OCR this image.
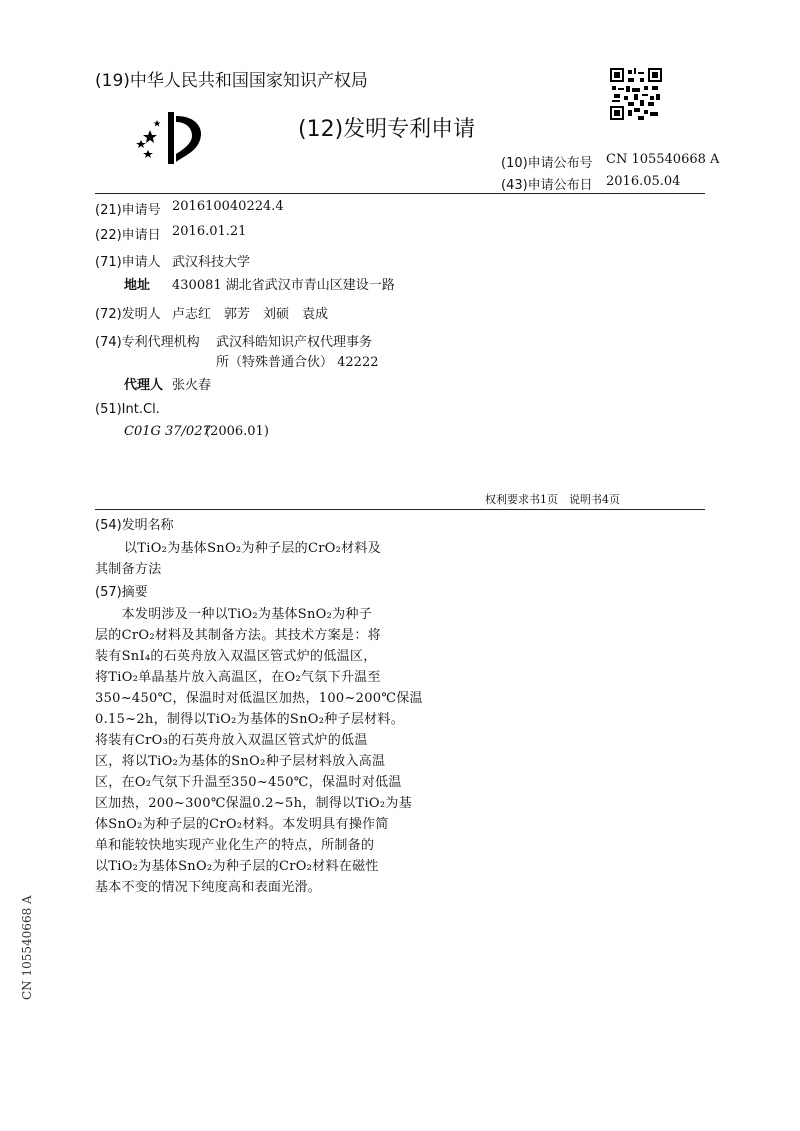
(19)中华人民共和国国家知识产权局
(12)发明专利申请
(10)申请公布号 CN 105540668 A
(43)申请公布日 2016.05.04
(21)申请号 201610040224.4
(22)申请日 2016.01.21
(71)申请人 武汉科技大学
地址 430081 湖北省武汉市青山区建设一路
(72)发明人 卢志红　郭芳　刘硕　袁成
(74)专利代理机构 武汉科皓知识产权代理事务
所（特殊普通合伙） 42222
代理人 张火春
(51)Int.Cl.
C01G 37/027
(2006.01)
权利要求书1页　说明书4页
(54)发明名称
以TiO₂为基体SnO₂为种子层的CrO₂材料及
其制备方法
(57)摘要
　　本发明涉及一种以TiO₂为基体SnO₂为种子
层的CrO₂材料及其制备方法。其技术方案是：将
装有SnI₄的石英舟放入双温区管式炉的低温区，
将TiO₂单晶基片放入高温区，在O₂气氛下升温至
350~450℃，保温时对低温区加热，100~200℃保温
0.15~2h，制得以TiO₂为基体的SnO₂种子层材料。
将装有CrO₃的石英舟放入双温区管式炉的低温
区，将以TiO₂为基体的SnO₂种子层材料放入高温
区，在O₂气氛下升温至350~450℃，保温时对低温
区加热，200~300℃保温0.2~5h，制得以TiO₂为基
体SnO₂为种子层的CrO₂材料。本发明具有操作简
单和能较快地实现产业化生产的特点，所制备的
以TiO₂为基体SnO₂为种子层的CrO₂材料在磁性
基本不变的情况下纯度高和表面光滑。
CN 105540668 A
